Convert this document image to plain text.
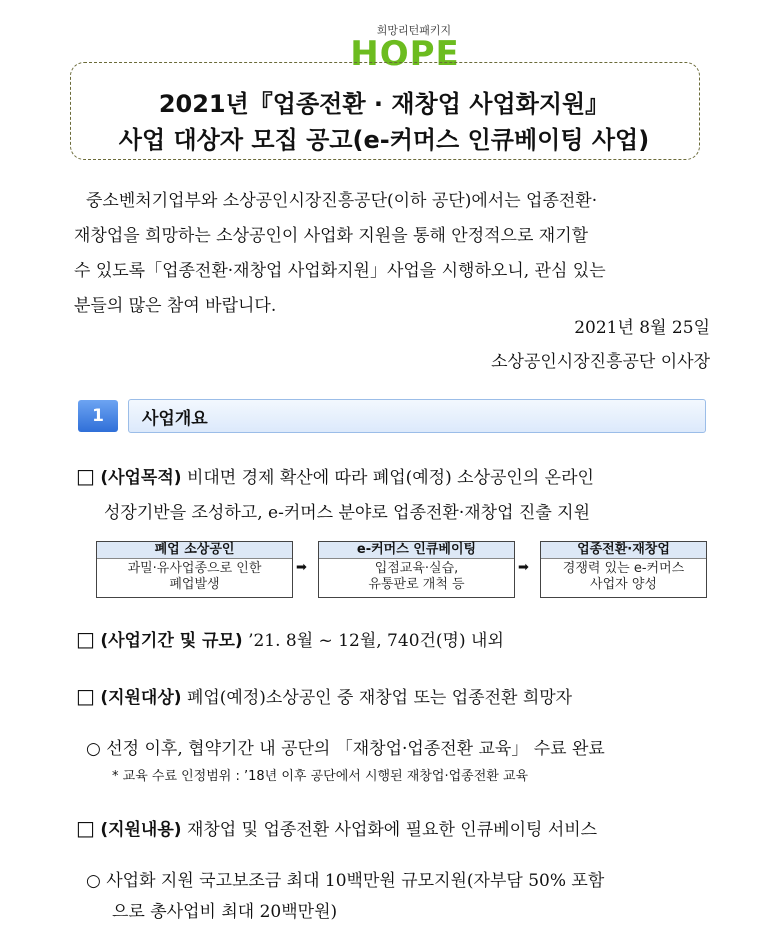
희망리턴패키지
HOPE
2021년『업종전환 · 재창업 사업화지원』
사업 대상자 모집 공고(e-커머스 인큐베이팅 사업)
중소벤처기업부와 소상공인시장진흥공단(이하 공단)에서는 업종전환·
재창업을 희망하는 소상공인이 사업화 지원을 통해 안정적으로 재기할
수 있도록「업종전환·재창업 사업화지원」사업을 시행하오니, 관심 있는
분들의 많은 참여 바랍니다.
2021년 8월 25일
소상공인시장진흥공단 이사장
1	사업개요
□ (사업목적) 비대면 경제 확산에 따라 폐업(예정) 소상공인의 온라인
성장기반을 조성하고, e-커머스 분야로 업종전환·재창업 진출 지원
폐업 소상공인
과밀·유사업종으로 인한
폐업발생
➡
e-커머스 인큐베이팅
입점교육·실습,
유통판로 개척 등
➡
업종전환·재창업
경쟁력 있는 e-커머스
사업자 양성
□ (사업기간 및 규모) ’21. 8월 ~ 12월, 740건(명) 내외
□ (지원대상) 폐업(예정)소상공인 중 재창업 또는 업종전환 희망자
○ 선정 이후, 협약기간 내 공단의 「재창업·업종전환 교육」 수료 완료
* 교육 수료 인정범위 : ’18년 이후 공단에서 시행된 재창업·업종전환 교육
□ (지원내용) 재창업 및 업종전환 사업화에 필요한 인큐베이팅 서비스
○ 사업화 지원 국고보조금 최대 10백만원 규모지원(자부담 50% 포함
으로 총사업비 최대 20백만원)
